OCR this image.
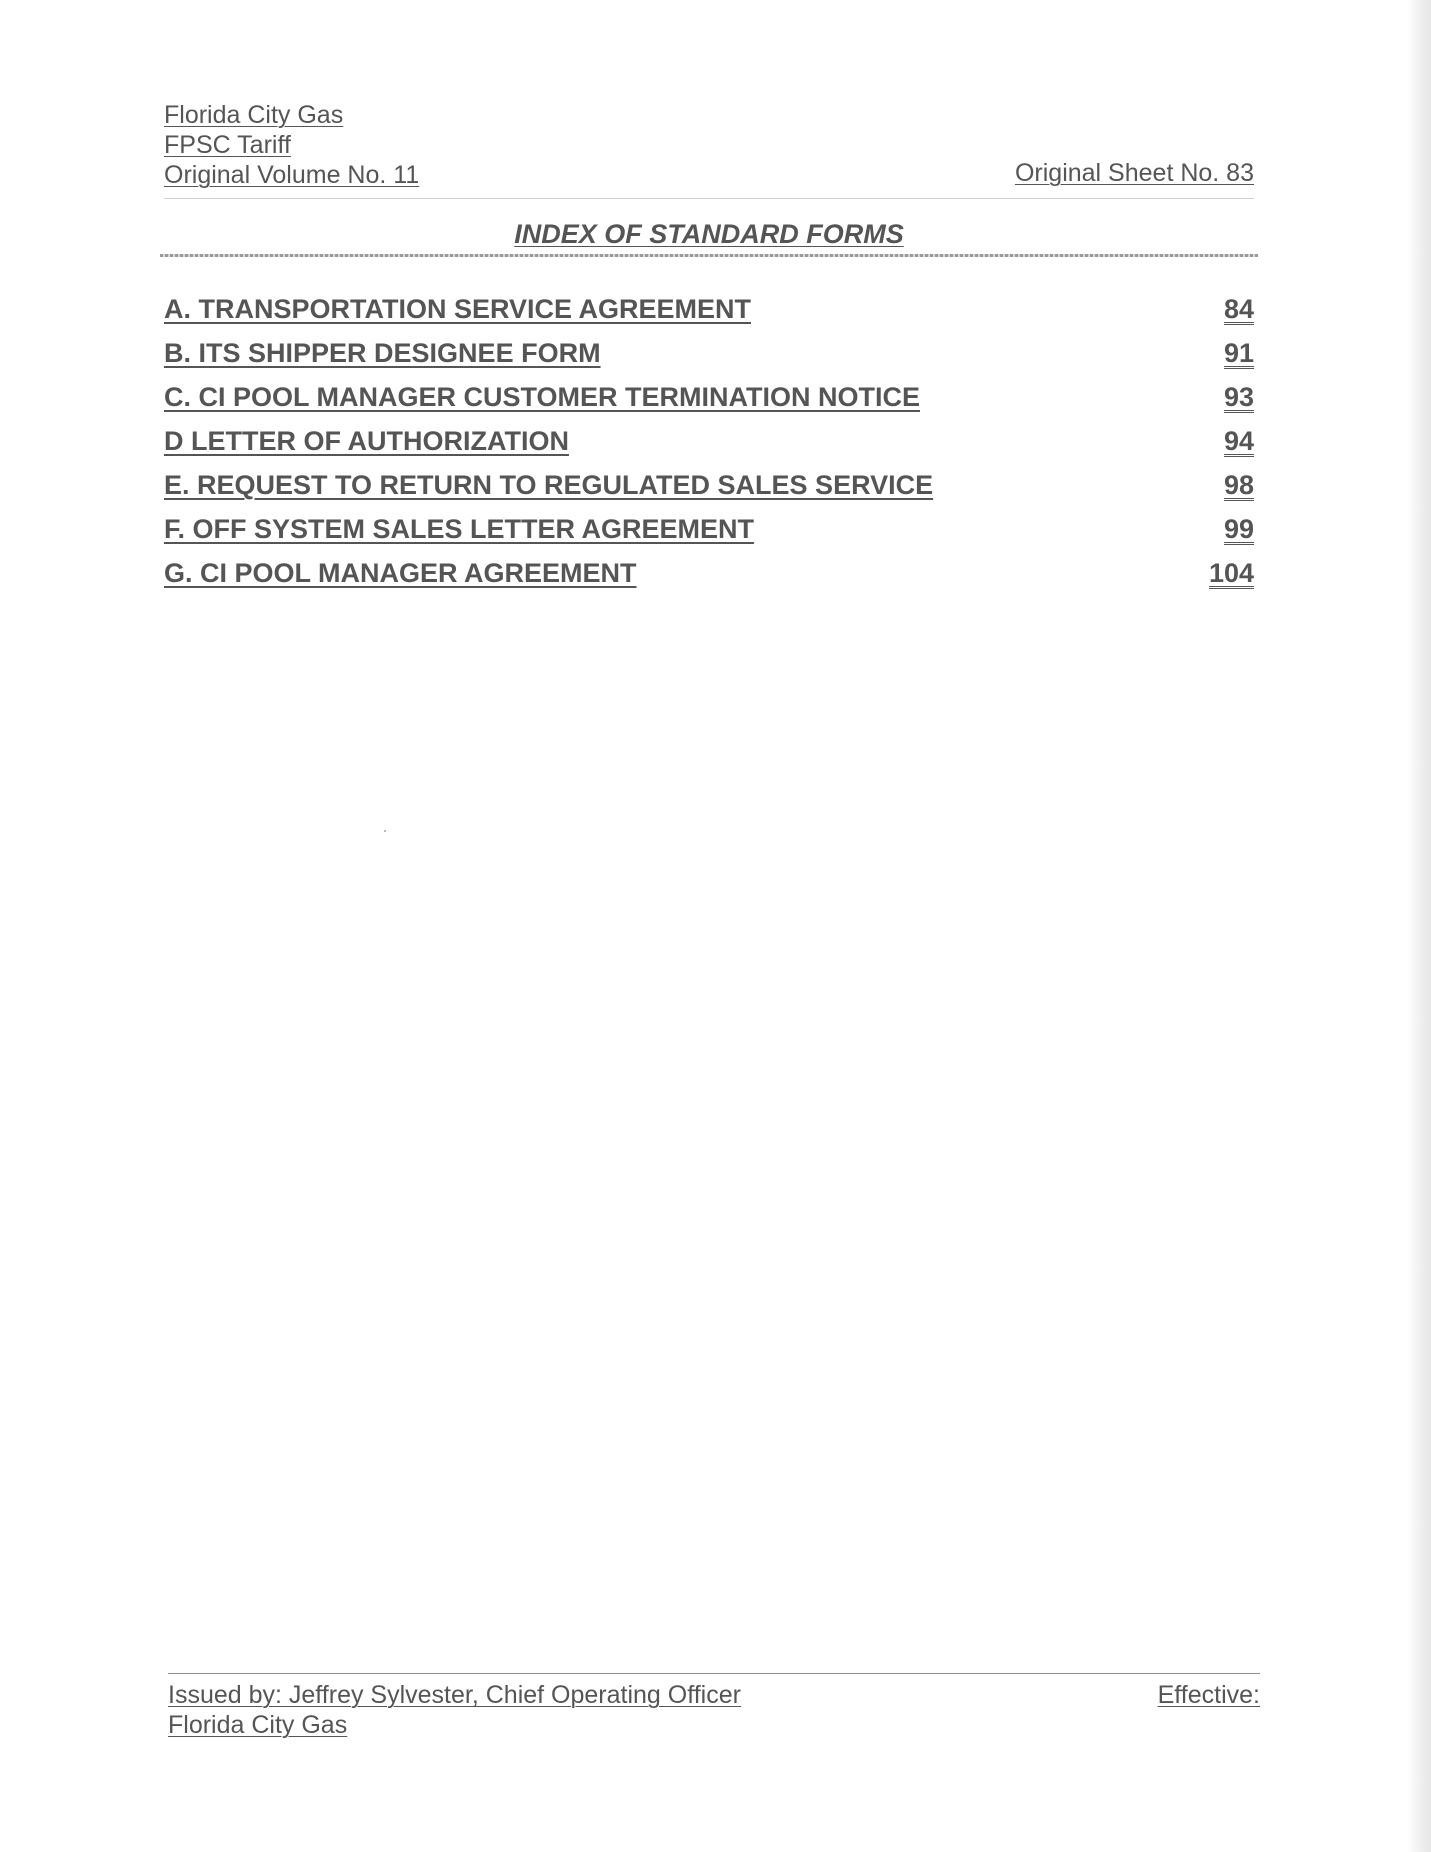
Florida City Gas
FPSC Tariff
Original Volume No. 11	Original Sheet No. 83
INDEX OF STANDARD FORMS
A. TRANSPORTATION SERVICE AGREEMENT	84
B. ITS SHIPPER DESIGNEE FORM	91
C. CI POOL MANAGER CUSTOMER TERMINATION NOTICE	93
D LETTER OF AUTHORIZATION	94
E. REQUEST TO RETURN TO REGULATED SALES SERVICE	98
F. OFF SYSTEM SALES LETTER AGREEMENT	99
G. CI POOL MANAGER AGREEMENT	104
Issued by: Jeffrey Sylvester, Chief Operating Officer
Florida City Gas
Effective:
